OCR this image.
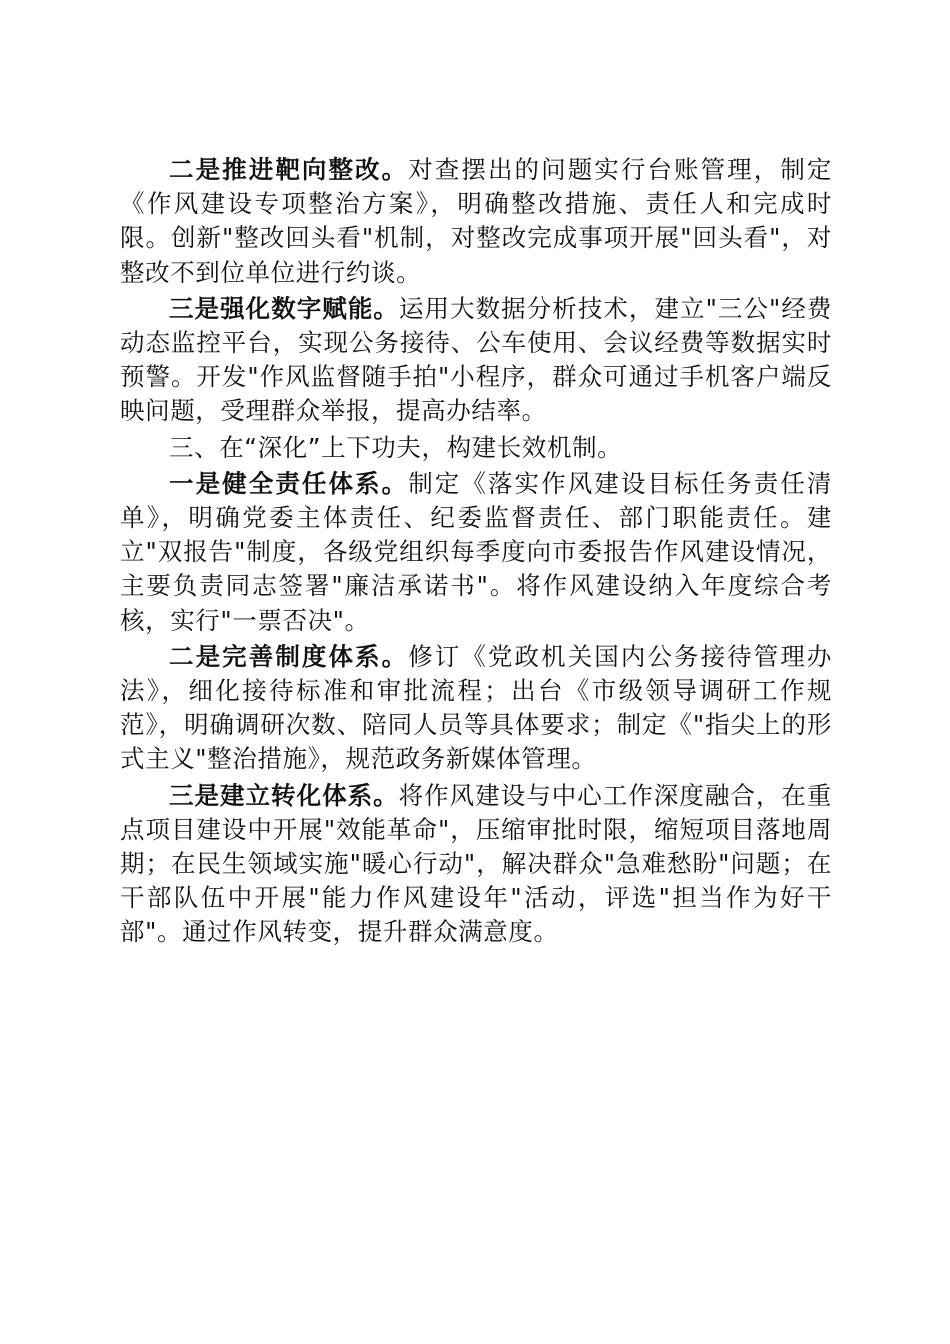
二是推进靶向整改。对查摆出的问题实行台账管理，制定《作风建设专项整治方案》，明确整改措施、责任人和完成时限。创新"整改回头看"机制，对整改完成事项开展"回头看"，对整改不到位单位进行约谈。

三是强化数字赋能。运用大数据分析技术，建立"三公"经费动态监控平台，实现公务接待、公车使用、会议经费等数据实时预警。开发"作风监督随手拍"小程序，群众可通过手机客户端反映问题，受理群众举报，提高办结率。

三、在“深化”上下功夫，构建长效机制。

一是健全责任体系。制定《落实作风建设目标任务责任清单》，明确党委主体责任、纪委监督责任、部门职能责任。建立"双报告"制度，各级党组织每季度向市委报告作风建设情况，主要负责同志签署"廉洁承诺书"。将作风建设纳入年度综合考核，实行"一票否决"。

二是完善制度体系。修订《党政机关国内公务接待管理办法》，细化接待标准和审批流程；出台《市级领导调研工作规范》，明确调研次数、陪同人员等具体要求；制定《"指尖上的形式主义"整治措施》，规范政务新媒体管理。

三是建立转化体系。将作风建设与中心工作深度融合，在重点项目建设中开展"效能革命"，压缩审批时限，缩短项目落地周期；在民生领域实施"暖心行动"，解决群众"急难愁盼"问题；在干部队伍中开展"能力作风建设年"活动，评选"担当作为好干部"。通过作风转变，提升群众满意度。
